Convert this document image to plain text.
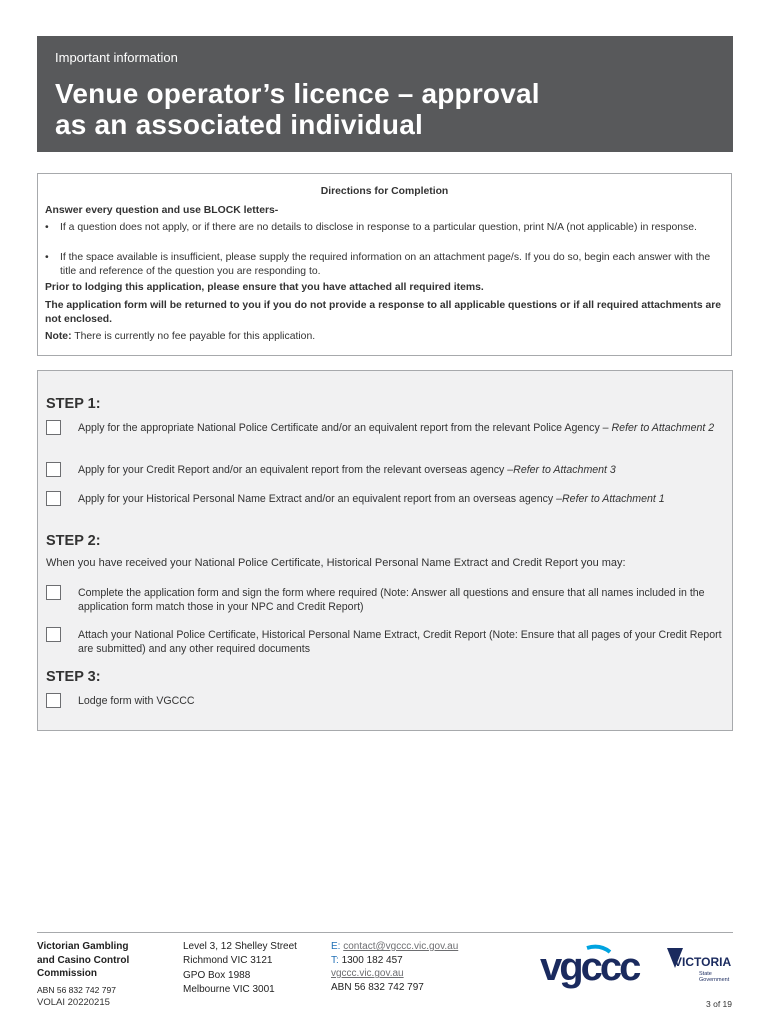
Important information
Venue operator’s licence – approval
as an associated individual
Directions for Completion
Answer every question and use BLOCK letters-
• If a question does not apply, or if there are no details to disclose in response to a particular question, print N/A (not applicable) in response.
• If the space available is insufficient, please supply the required information on an attachment page/s. If you do so, begin each answer with the title and reference of the question you are responding to.
Prior to lodging this application, please ensure that you have attached all required items.
The application form will be returned to you if you do not provide a response to all applicable questions or if all required attachments are not enclosed.
Note: There is currently no fee payable for this application.
STEP 1:
Apply for the appropriate National Police Certificate and/or an equivalent report from the relevant Police Agency – Refer to Attachment 2
Apply for your Credit Report and/or an equivalent report from the relevant overseas agency –Refer to Attachment 3
Apply for your Historical Personal Name Extract and/or an equivalent report from an overseas agency –Refer to Attachment 1
STEP 2:
When you have received your National Police Certificate, Historical Personal Name Extract and Credit Report you may:
Complete the application form and sign the form where required (Note: Answer all questions and ensure that all names included in the application form match those in your NPC and Credit Report)
Attach your National Police Certificate, Historical Personal Name Extract, Credit Report (Note: Ensure that all pages of your Credit Report are submitted) and any other required documents
STEP 3:
Lodge form with VGCCC
Victorian Gambling
and Casino Control
Commission
ABN 56 832 742 797
Level 3, 12 Shelley Street
Richmond VIC 3121
GPO Box 1988
Melbourne VIC 3001
E: contact@vgccc.vic.gov.au
T: 1300 182 457
vgccc.vic.gov.au
ABN 56 832 742 797	vgccc	VICTORIA
State
Government
VOLAI 20220215	3 of 19
